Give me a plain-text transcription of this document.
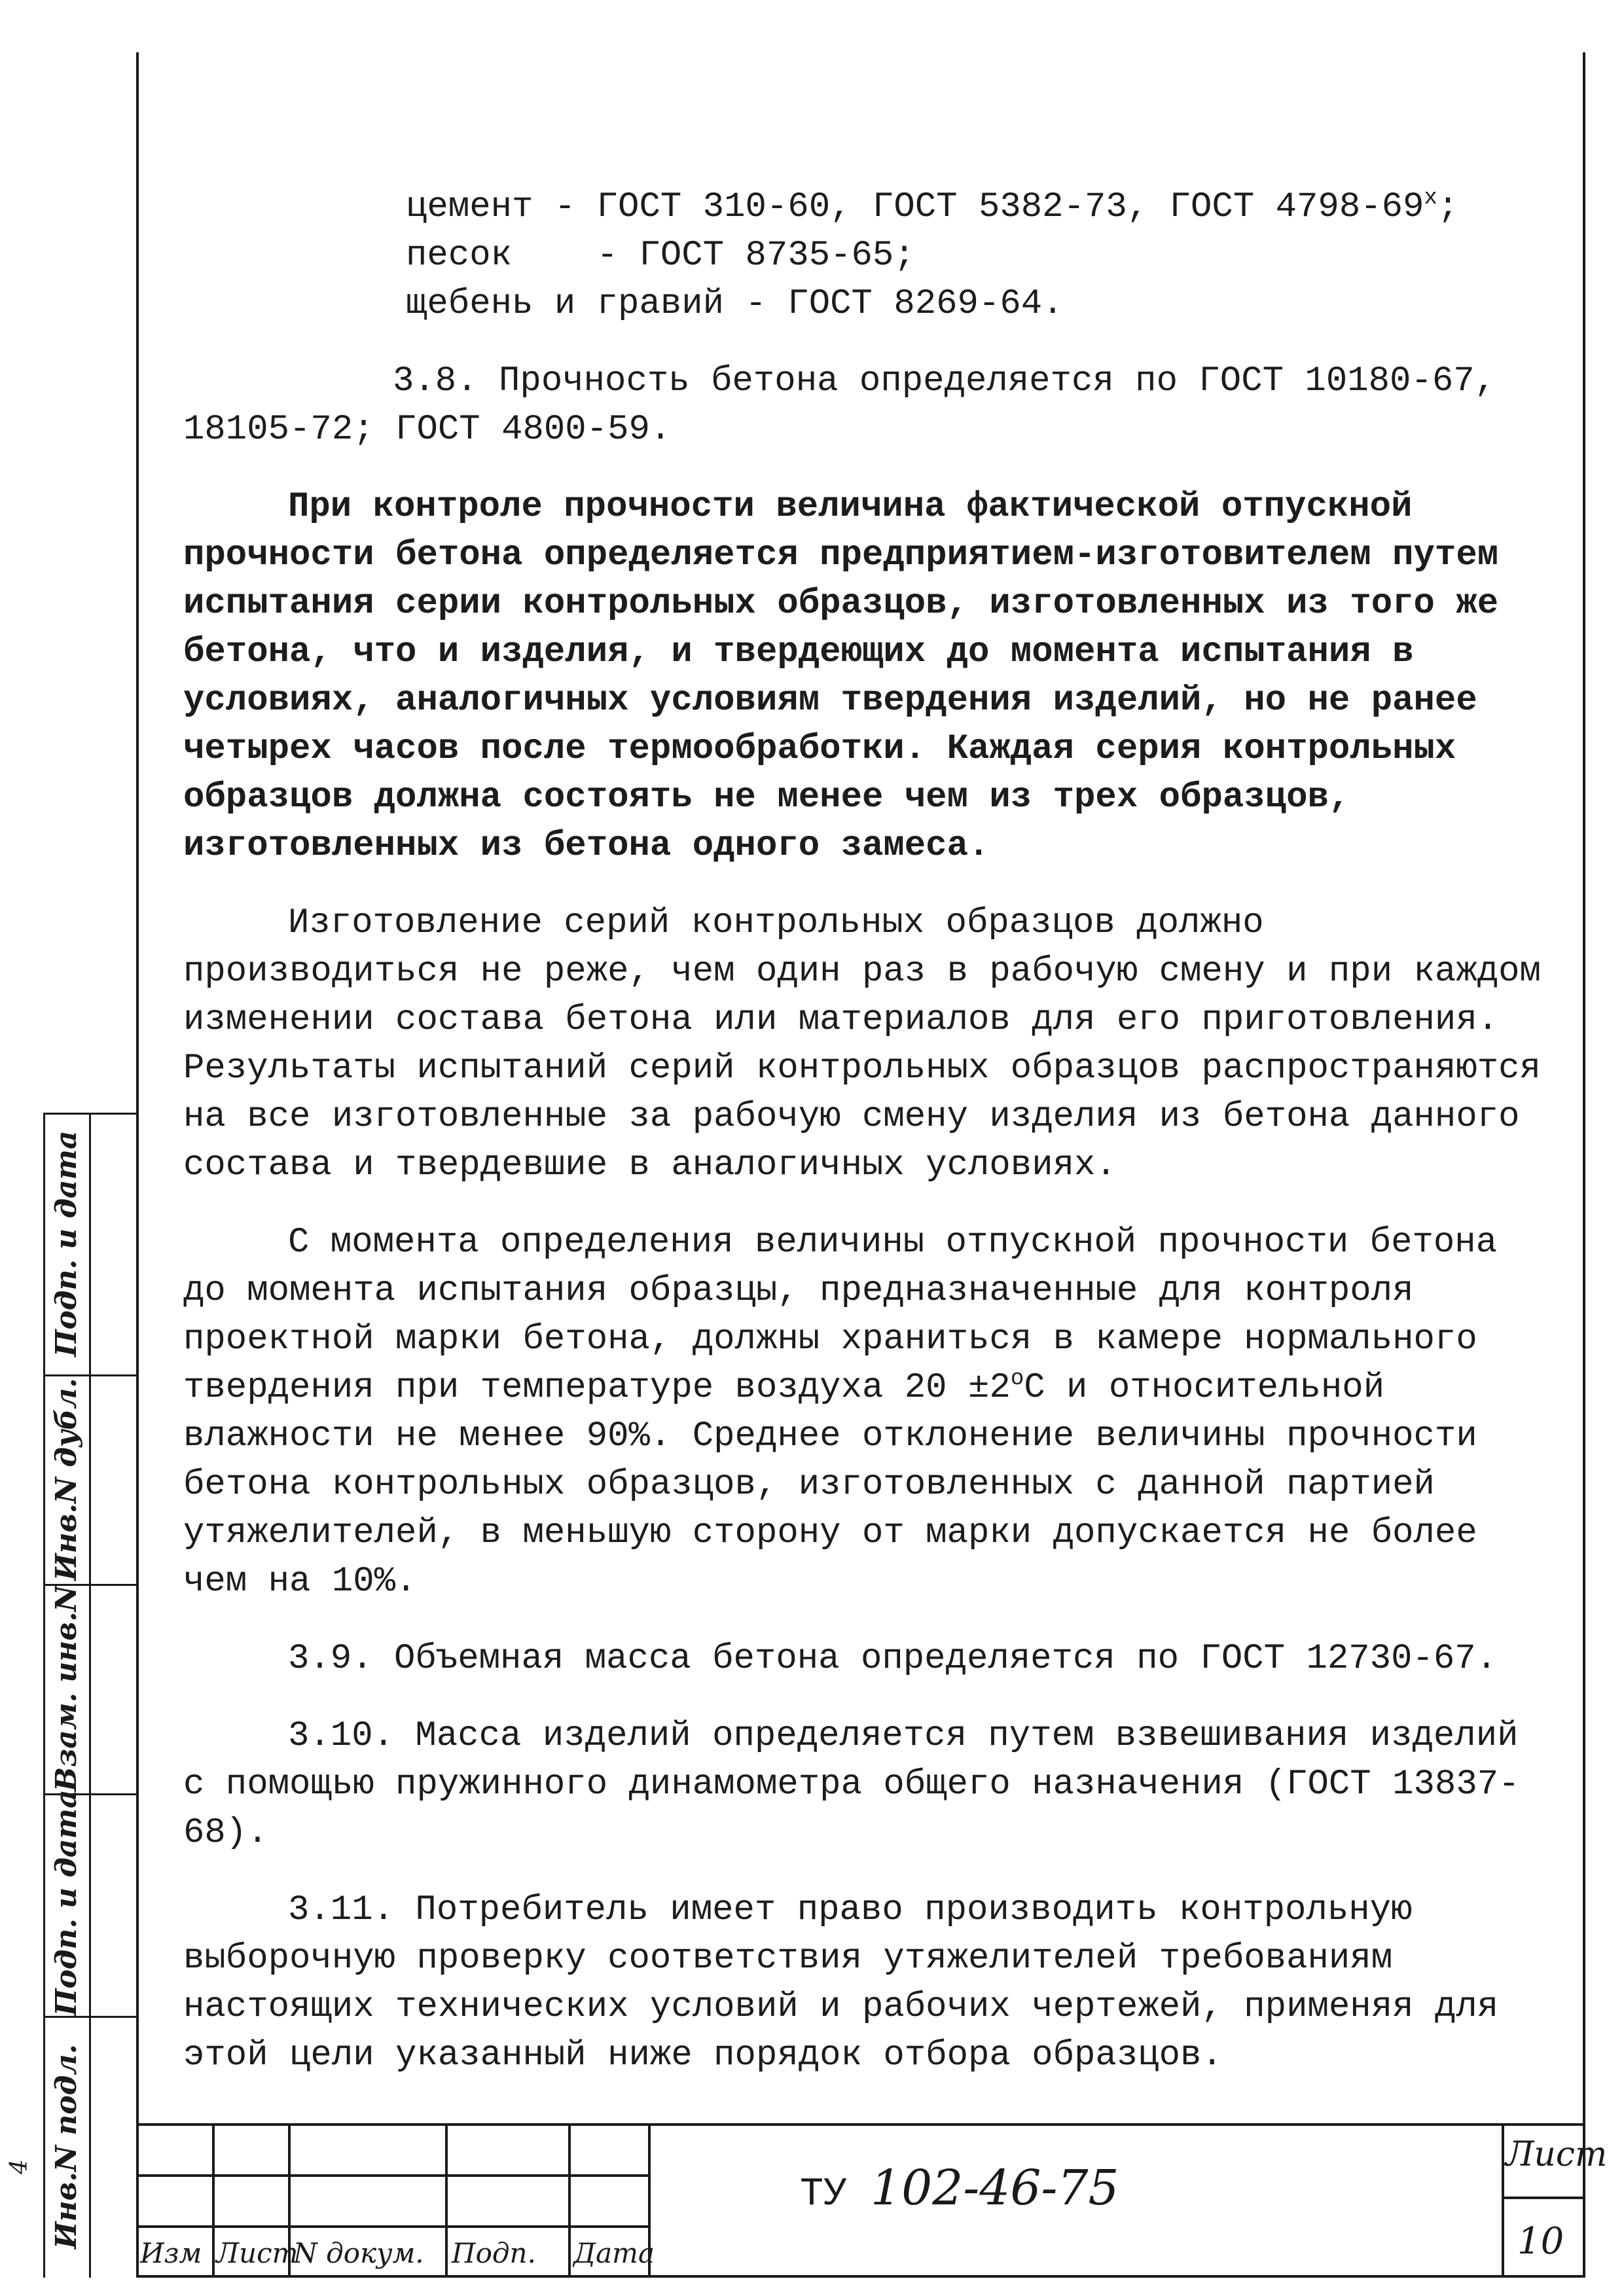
цемент - ГОСТ 310-60, ГОСТ 5382-73, ГОСТ $4798-69^х$;

песок - ГОСТ 8735-65;

щебень и гравий - ГОСТ 8269-64.

3.8. Прочность бетона определяется по ГОСТ 10180-67,
18105-72; ГОСТ 4800-59.

При контроле прочности величина фактической отпускной прочности бетона определяется предприятием-изготовителем путем испытания серии контрольных образцов, изготовленных из того же бетона, что и изделия, и твердеющих до момента испытания в условиях, аналогичных условиям твердения изделий, но не ранее четырех часов после термообработки. Каждая серия контрольных образцов должна состоять не менее чем из трех образцов, изготовленных из бетона одного замеса.

Изготовление серий контрольных образцов должно производиться не реже, чем один раз в рабочую смену и при каждом изменении состава бетона или материалов для его приготовления. Результаты испытаний серий контрольных образцов распространяются на все изготовленные за рабочую смену изделия из бетона данного состава и твердевшие в аналогичных условиях.

С момента определения величины отпускной прочности бетона до момента испытания образцы, предназначенные для контроля проектной марки бетона, должны храниться в камере нормального твердения при температуре воздуха $20 \pm 2^оС$ и относительной влажности не менее 90%. Среднее отклонение величины прочности бетона контрольных образцов, изготовленных с данной партией утяжелителей, в меньшую сторону от марки допускается не более чем на 10%.

3.9. Объемная масса бетона определяется по ГОСТ 12730-67.

3.10. Масса изделий определяется путем взвешивания изделий с помощью пружинного динамометра общего назначения (ГОСТ 13837-68).

3.11. Потребитель имеет право производить контрольную выборочную проверку соответствия утяжелителей требованиям настоящих технических условий и рабочих чертежей, применяя для этой цели указанный ниже порядок отбора образцов.

Инв.N подл.
Подп. и дата
Взам. инв.N
Инв.N дубл.
Подп. и дата
4
Изм Лист
N докум. Подп. Дата
ТУ 102-46-75
Лист
10
